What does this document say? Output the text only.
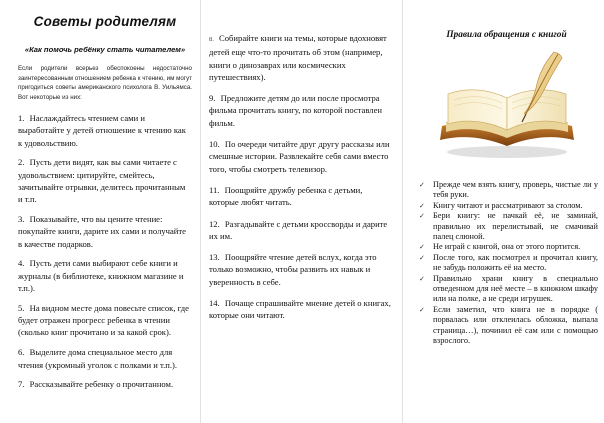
Советы родителям
«Как помочь ребёнку стать читателем»
Если родители всерьез обеспокоены недостаточно заинтересованным отношением ребенка к чтению, им могут пригодиться советы американского психолога В. Уильямса. Вот некоторые из них:
1. Наслаждайтесь чтением сами и выработайте у детей отношение к чтению как к удовольствию.
2. Пусть дети видят, как вы сами читаете с удовольствием: цитируйте, смейтесь, зачитывайте отрывки, делитесь прочитанным и т.п.
3. Показывайте, что вы цените чтение: покупайте книги, дарите их сами и получайте в качестве подарков.
4. Пусть дети сами выбирают себе книги и журналы (в библиотеке, книжном магазине и т.п.).
5. На видном месте дома повесьте список, где будет отражен прогресс ребенка в чтении (сколько книг прочитано и за какой срок).
6. Выделите дома специальное место для чтения (укромный уголок с полками и т.п.).
7. Рассказывайте ребенку о прочитанном.
8. Собирайте книги на темы, которые вдохновят детей еще что-то прочитать об этом (например, книги о динозаврах или космических путешествиях).
9. Предложите детям до или после просмотра фильма прочитать книгу, по которой поставлен фильм.
10. По очереди читайте друг другу рассказы или смешные истории. Развлекайте себя сами вместо того, чтобы смотреть телевизор.
11. Поощряйте дружбу ребенка с детьми, которые любят читать.
12. Разгадывайте с детьми кроссворды и дарите их им.
13. Поощряйте чтение детей вслух, когда это только возможно, чтобы развить их навык и уверенность в себе.
14. Почаще спрашивайте мнение детей о книгах, которые они читают.
Правила обращения с книгой
✓ Прежде чем взять книгу, проверь, чистые ли у тебя руки.
✓ Книгу читают и рассматривают за столом.
✓ Бери книгу: не пачкай её, не заминай, правильно их перелистывай, не смачивай палец слюной.
✓ Не играй с книгой, она от этого портится.
✓ После того, как посмотрел и прочитал книгу, не забудь положить её на место.
✓ Правильно храни книгу в специально отведенном для неё месте – в книжном шкафу или на полке, а не среди игрушек.
✓ Если заметил, что книга не в порядке ( порвалась или отклеилась обложка, выпала страница…), починил её сам или с помощью взрослого.
